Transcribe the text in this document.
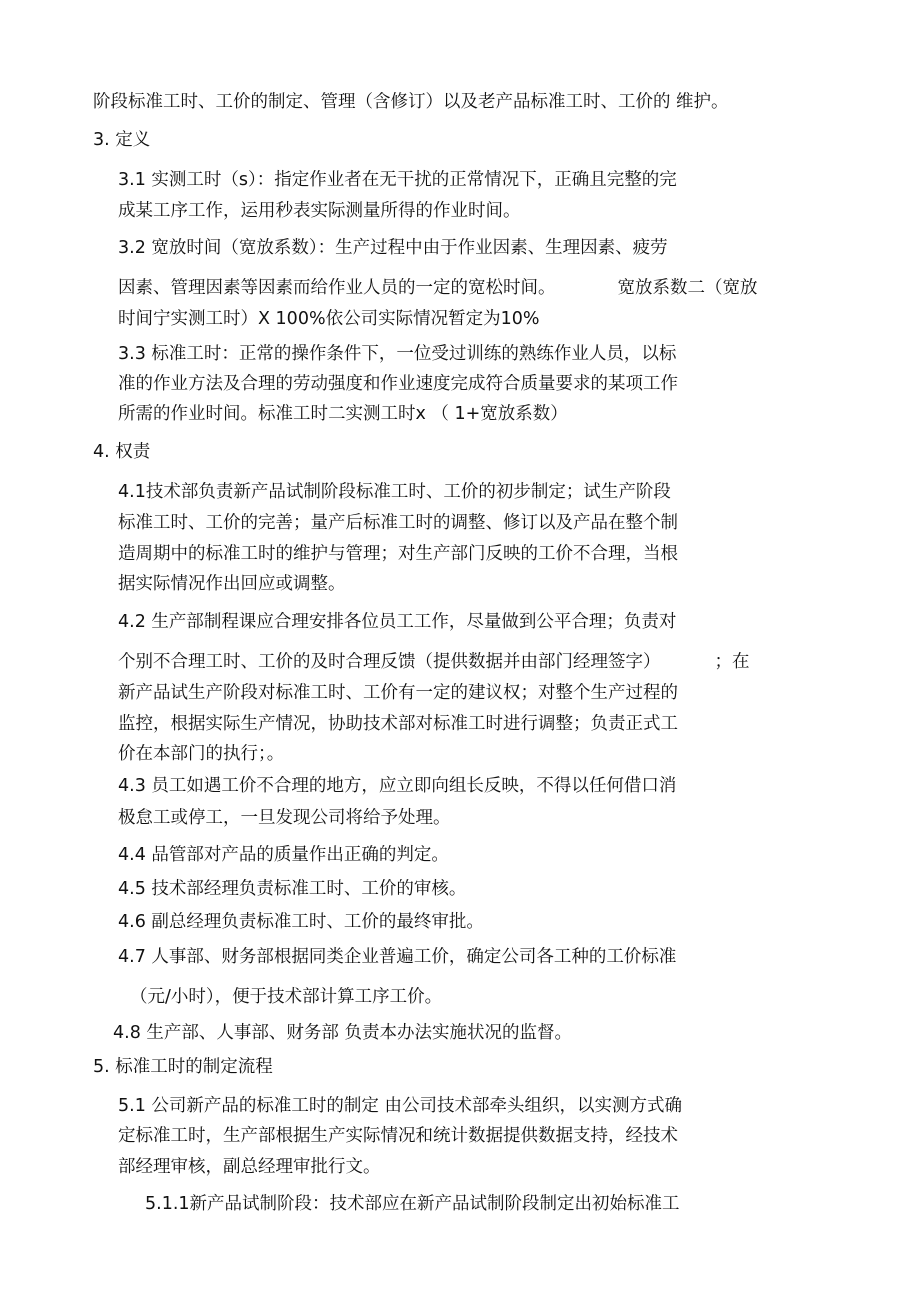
阶段标准工时、工价的制定、管理（含修订）以及老产品标准工时、工价的 维护。
3. 定义
3.1 实测工时（s）：指定作业者在无干扰的正常情况下，正确且完整的完
成某工序工作，运用秒表实际测量所得的作业时间。
3.2 宽放时间（宽放系数）：生产过程中由于作业因素、生理因素、疲劳
因素、管理因素等因素而给作业人员的一定的宽松时间。	宽放系数二（宽放
时间宁实测工时）X 100%依公司实际情况暂定为10%
3.3 标准工时：正常的操作条件下，一位受过训练的熟练作业人员，以标
准的作业方法及合理的劳动强度和作业速度完成符合质量要求的某项工作
所需的作业时间。标准工时二实测工时x （ 1+宽放系数）
4. 权责
4.1技术部负责新产品试制阶段标准工时、工价的初步制定；试生产阶段
标准工时、工价的完善；量产后标准工时的调整、修订以及产品在整个制
造周期中的标准工时的维护与管理；对生产部门反映的工价不合理，当根
据实际情况作出回应或调整。
4.2 生产部制程课应合理安排各位员工工作，尽量做到公平合理；负责对
个别不合理工时、工价的及时合理反馈（提供数据并由部门经理签字）	；在
新产品试生产阶段对标准工时、工价有一定的建议权；对整个生产过程的
监控，根据实际生产情况，协助技术部对标准工时进行调整；负责正式工
价在本部门的执行；。
4.3 员工如遇工价不合理的地方，应立即向组长反映，不得以任何借口消
极怠工或停工，一旦发现公司将给予处理。
4.4 品管部对产品的质量作出正确的判定。
4.5 技术部经理负责标准工时、工价的审核。
4.6 副总经理负责标准工时、工价的最终审批。
4.7 人事部、财务部根据同类企业普遍工价，确定公司各工种的工价标准
（元/小时），便于技术部计算工序工价。
4.8 生产部、人事部、财务部 负责本办法实施状况的监督。
5. 标准工时的制定流程
5.1 公司新产品的标准工时的制定 由公司技术部牵头组织，以实测方式确
定标准工时，生产部根据生产实际情况和统计数据提供数据支持，经技术
部经理审核，副总经理审批行文。
5.1.1新产品试制阶段：技术部应在新产品试制阶段制定出初始标准工
